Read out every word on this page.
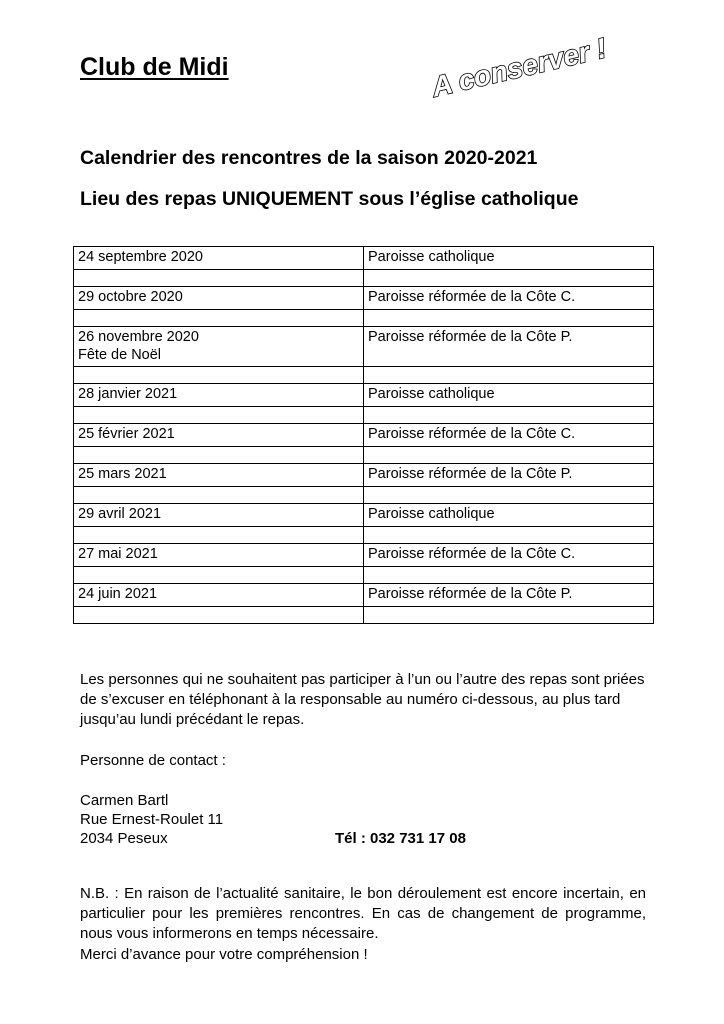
Club de Midi	A conserver !
Calendrier des rencontres de la saison 2020-2021
Lieu des repas UNIQUEMENT sous l’église catholique
24 septembre 2020	Paroisse catholique

29 octobre 2020	Paroisse réformée de la Côte C.

26 novembre 2020
Fête de Noël	Paroisse réformée de la Côte P.

28 janvier 2021	Paroisse catholique

25 février 2021	Paroisse réformée de la Côte C.

25 mars 2021	Paroisse réformée de la Côte P.

29 avril 2021	Paroisse catholique

27 mai 2021	Paroisse réformée de la Côte C.

24 juin 2021	Paroisse réformée de la Côte P.

Les personnes qui ne souhaitent pas participer à l’un ou l’autre des repas sont priées de s’excuser en téléphonant à la responsable au numéro ci-dessous, au plus tard jusqu’au lundi précédant le repas.

Personne de contact :

Carmen Bartl
Rue Ernest-Roulet 11
2034 Peseux	Tél : 032 731 17 08

N.B. : En raison de l’actualité sanitaire, le bon déroulement est encore incertain, en particulier pour les premières rencontres. En cas de changement de programme, nous vous informerons en temps nécessaire.

Merci d’avance pour votre compréhension !
